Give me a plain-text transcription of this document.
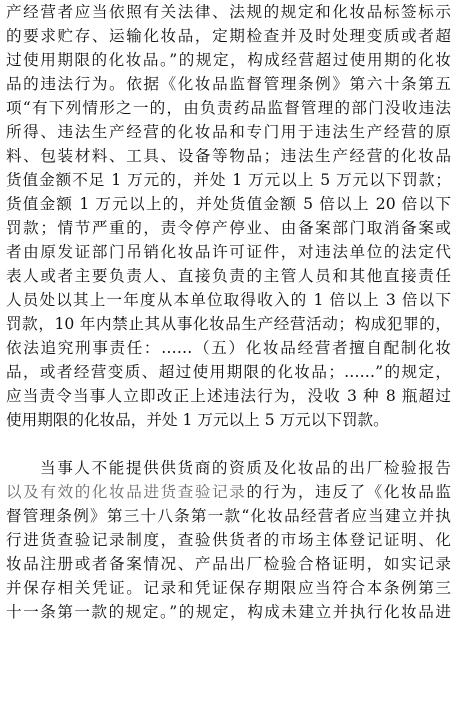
产经营者应当依照有关法律、法规的规定和化妆品标签标示
的要求贮存、运输化妆品，定期检查并及时处理变质或者超
过使用期限的化妆品。”的规定，构成经营超过使用期的化妆
品的违法行为。依据《化妆品监督管理条例》第六十条第五
项“有下列情形之一的，由负责药品监督管理的部门没收违法
所得、违法生产经营的化妆品和专门用于违法生产经营的原
料、包装材料、工具、设备等物品；违法生产经营的化妆品
货值金额不足 1 万元的，并处 1 万元以上 5 万元以下罚款；
货值金额 1 万元以上的，并处货值金额 5 倍以上 20 倍以下
罚款；情节严重的，责令停产停业、由备案部门取消备案或
者由原发证部门吊销化妆品许可证件，对违法单位的法定代
表人或者主要负责人、直接负责的主管人员和其他直接责任
人员处以其上一年度从本单位取得收入的 1 倍以上 3 倍以下
罚款，10 年内禁止其从事化妆品生产经营活动；构成犯罪的，
依法追究刑事责任：……（五）化妆品经营者擅自配制化妆
品，或者经营变质、超过使用期限的化妆品；……”的规定，
应当责令当事人立即改正上述违法行为，没收 3 种 8 瓶超过
使用期限的化妆品，并处 1 万元以上 5 万元以下罚款。
当事人不能提供供货商的资质及化妆品的出厂检验报告
以及有效的化妆品进货查验记录的行为，违反了《化妆品监
督管理条例》第三十八条第一款“化妆品经营者应当建立并执
行进货查验记录制度，查验供货者的市场主体登记证明、化
妆品注册或者备案情况、产品出厂检验合格证明，如实记录
并保存相关凭证。记录和凭证保存期限应当符合本条例第三
十一条第一款的规定。”的规定，构成未建立并执行化妆品进
